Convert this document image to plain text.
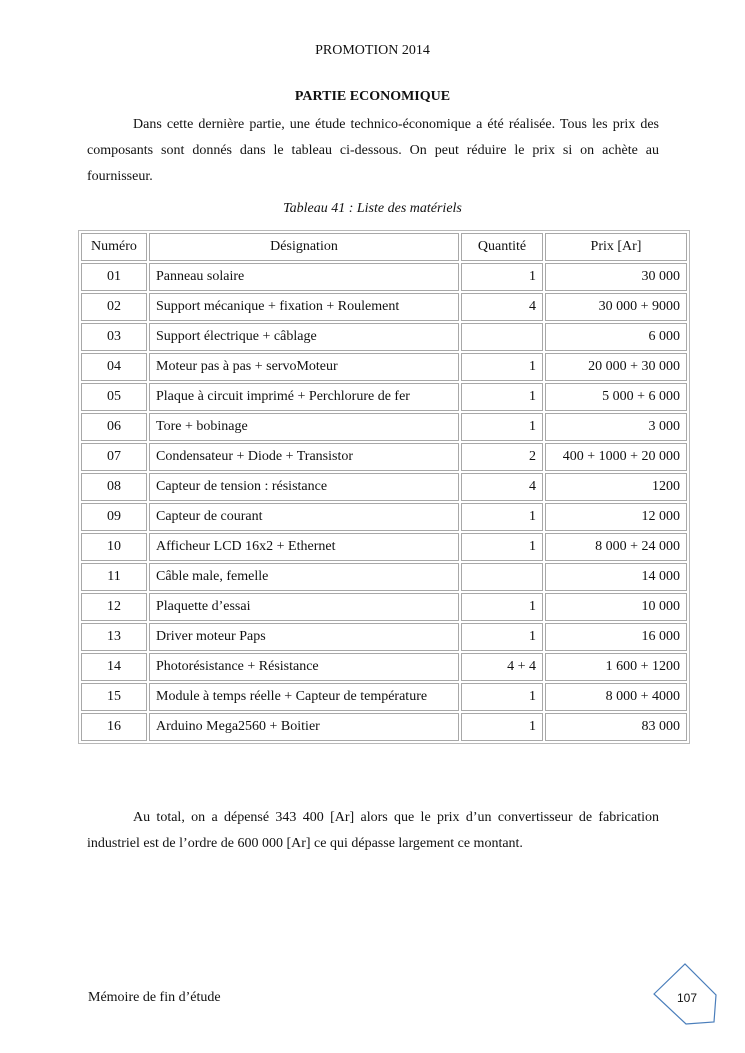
PROMOTION 2014
PARTIE ECONOMIQUE

Dans cette dernière partie, une étude technico-économique a été réalisée. Tous les prix des composants sont donnés dans le tableau ci-dessous. On peut réduire le prix si on achète au fournisseur.

Tableau 41 : Liste des matériels
Numéro	Désignation	Quantité	Prix [Ar]
01	Panneau solaire	1	30 000
02	Support mécanique + fixation + Roulement	4	30 000 + 9000
03	Support électrique + câblage		6 000
04	Moteur pas à pas + servoMoteur	1	20 000 + 30 000
05	Plaque à circuit imprimé + Perchlorure de fer	1	5 000 + 6 000
06	Tore + bobinage	1	3 000
07	Condensateur + Diode + Transistor	2	400 + 1000 + 20 000
08	Capteur de tension : résistance	4	1200
09	Capteur de courant	1	12 000
10	Afficheur LCD 16x2 + Ethernet	1	8 000 + 24 000
11	Câble male, femelle		14 000
12	Plaquette d’essai	1	10 000
13	Driver moteur Paps	1	16 000
14	Photorésistance + Résistance	4 + 4	1 600 + 1200
15	Module à temps réelle + Capteur de température	1	8 000 + 4000
16	Arduino Mega2560 + Boitier	1	83 000

Au total, on a dépensé 343 400 [Ar] alors que le prix d’un convertisseur de fabrication industriel est de l’ordre de 600 000 [Ar] ce qui dépasse largement ce montant.

Mémoire de fin d’étude	107
